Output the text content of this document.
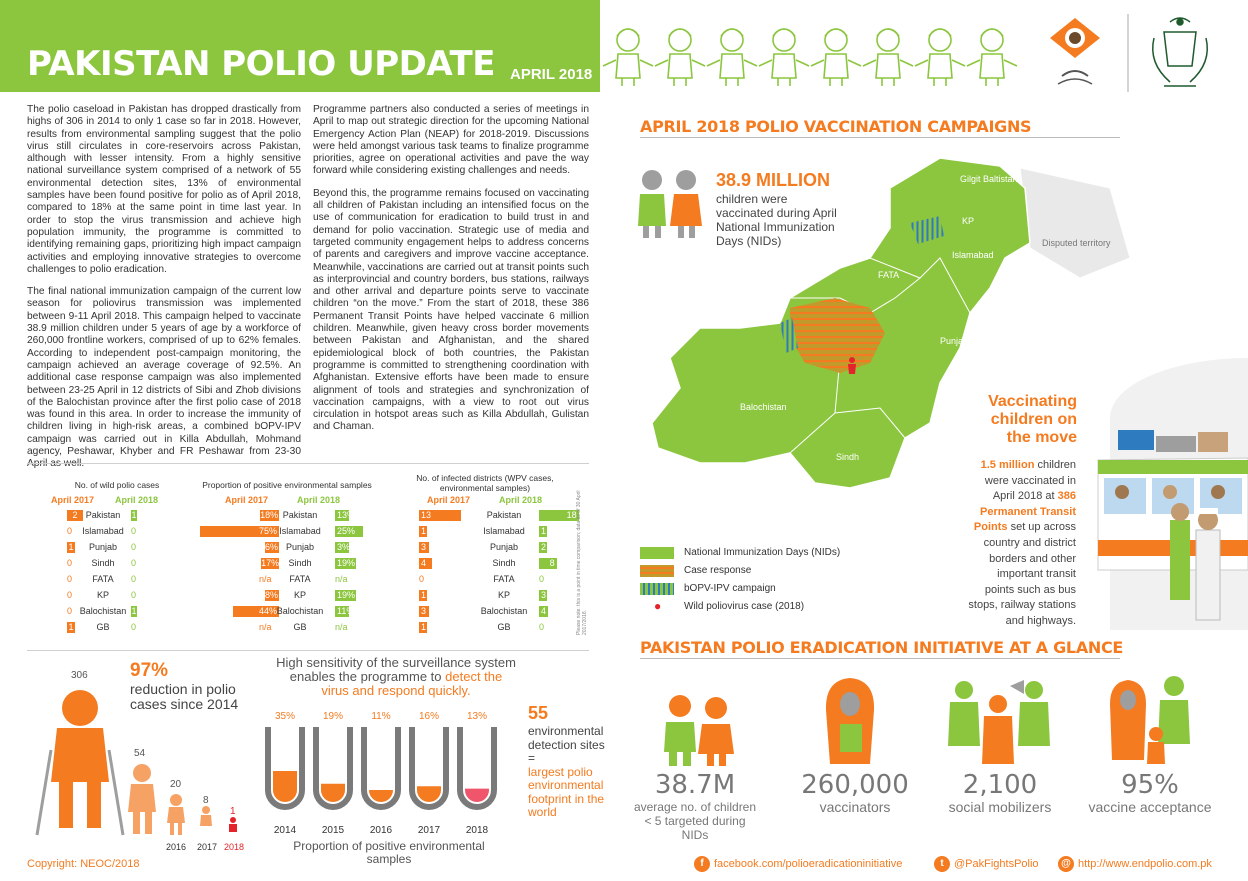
PAKISTAN POLIO UPDATE APRIL 2018

The polio caseload in Pakistan has dropped drastically from highs of 306 in 2014 to only 1 case so far in 2018. However, results from environmental sampling suggest that the polio virus still circulates in core-reservoirs across Pakistan, although with lesser intensity. From a highly sensitive national surveillance system comprised of a network of 55 environmental detection sites, 13% of environmental samples have been found positive for polio as of April 2018, compared to 18% at the same point in time last year. In order to stop the virus transmission and achieve high population immunity, the programme is committed to identifying remaining gaps, prioritizing high impact campaign activities and employing innovative strategies to overcome challenges to polio eradication.

The final national immunization campaign of the current low season for poliovirus transmission was implemented between 9-11 April 2018. This campaign helped to vaccinate 38.9 million children under 5 years of age by a workforce of 260,000 frontline workers, comprised of up to 62% females. According to independent post-campaign monitoring, the campaign achieved an average coverage of 92.5%. An additional case response campaign was also implemented between 23-25 April in 12 districts of Sibi and Zhob divisions of the Balochistan province after the first polio case of 2018 was found in this area. In order to increase the immunity of children living in high-risk areas, a combined bOPV-IPV campaign was carried out in Killa Abdullah, Mohmand agency, Peshawar, Khyber and FR Peshawar from 23-30

Programme partners also conducted a series of meetings in April to map out strategic direction for the upcoming National Emergency Action Plan (NEAP) for 2018-2019. Discussions were held amongst various task teams to finalize programme priorities, agree on operational activities and pave the way forward while considering existing challenges and needs.

Beyond this, the programme remains focused on vaccinating all children of Pakistan including an intensified focus on the use of communication for eradication to build trust in and demand for polio vaccination. Strategic use of media and targeted community engagement helps to address concerns of parents and caregivers and improve vaccine acceptance. Meanwhile, vaccinations are carried out at transit points such as interprovincial and country borders, bus stations, railways and other arrival and departure points serve to vaccinate children “on the move.” From the start of 2018, these 386 Permanent Transit Points have helped vaccinate 6 million children. Meanwhile, given heavy cross border movements between Pakistan and Afghanistan, and the shared epidemiological block of both countries, the Pakistan programme is committed to strengthening coordination with Afghanistan. Extensive efforts have been made to ensure alignment of tools and strategies and synchronization of vaccination campaigns, with a view to root out virus circulation in hotspot areas such as Killa Abdullah, Gulistan and Chaman.

APRIL 2018 POLIO VACCINATION CAMPAIGNS
38.9 MILLION
children were vaccinated during April National Immunization Days (NIDs)
Gilgit Baltistan
KP
Islamabad
FATA
Punjab
Balochistan
Sindh
Disputed territory
National Immunization Days (NIDs)
Case response
bOPV-IPV campaign
● Wild poliovirus case (2018)
Vaccinating children on the move
1.5 million children were vaccinated in April 2018 at 386 Permanent Transit Points set up across country and district borders and other important transit points such as bus stops, railway stations and highways.
No. of wild polio cases
April 2017 April 2018
2 Pakistan	1
0	Islamabad 0
1	Punjab	0
0	Sindh	0
0	FATA	0
0	KP	0
0 Balochistan 1
1	GB	0
Proportion of positive environmental samples
April 2017	April 2018
18% Pakistan	13%
75% Islamabad	25%
6% Punjab	3%
17%	Sindh	19%
n/a	FATA	n/a
8%	KP	19%
44% Balochistan	11%
n/a	GB	n/a
No. of infected districts (WPV cases, environmental samples)
April 2017	April 2018
13	Pakistan	18
1	Islamabad	1
3	Punjab	2
4	Sindh	8
0	FATA	0
1	KP	3
3	Balochistan	4
1	GB	0	Please note: this is a point in time comparison; data as of 30 April 2017/2018.
306
54
20
8
1
2016 2017 2018
97%
reduction in polio cases since 2014
High sensitivity of the surveillance system enables the programme to detect the virus and respond quickly.
35%
2014
19%
2015
11%
2016
16%
2017
13%
2018
Proportion of positive environmental samples
55
environmental detection sites
=
largest polio environmental footprint in the world
PAKISTAN POLIO ERADICATION INITIATIVE AT A GLANCE
38.7M
average no. of children < 5 targeted during NIDs
260,000
vaccinators
2,100
social mobilizers
95%
vaccine acceptance
Copyright: NEOC/2018	f facebook.com/polioeradicationinitiative	t @PakFightsPolio	@ http://www.endpolio.com.pk
